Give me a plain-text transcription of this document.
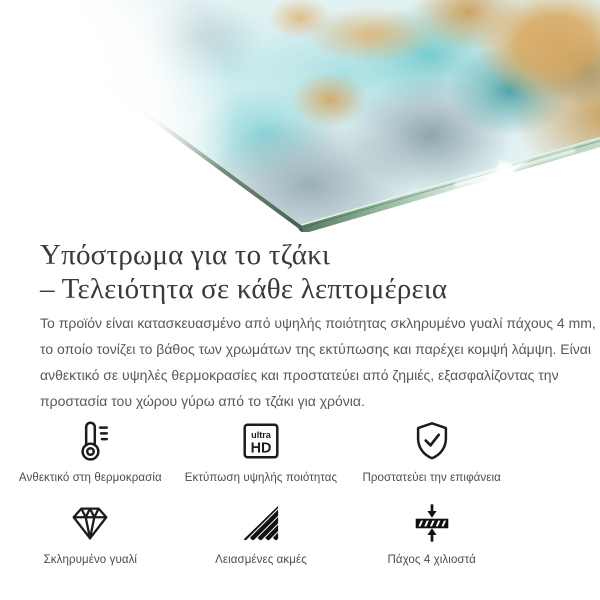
Υπόστρωμα για το τζάκι
– Τελειότητα σε κάθε λεπτομέρεια

Το προϊόν είναι κατασκευασμένο από υψηλής ποιότητας σκληρυμένο γυαλί πάχους 4 mm,
το οποίο τονίζει το βάθος των χρωμάτων της εκτύπωσης και παρέχει κομψή λάμψη. Είναι
ανθεκτικό σε υψηλές θερμοκρασίες και προστατεύει από ζημιές, εξασφαλίζοντας την
προστασία του χώρου γύρω από το τζάκι για χρόνια.

Ανθεκτικό στη θερμοκρασία
ultra
HD
Εκτύπωση υψηλής ποιότητας Προστατεύει την επιφάνεια
Σκληρυμένο γυαλί	Λειασμένες ακμές	Πάχος 4 χιλιοστά
